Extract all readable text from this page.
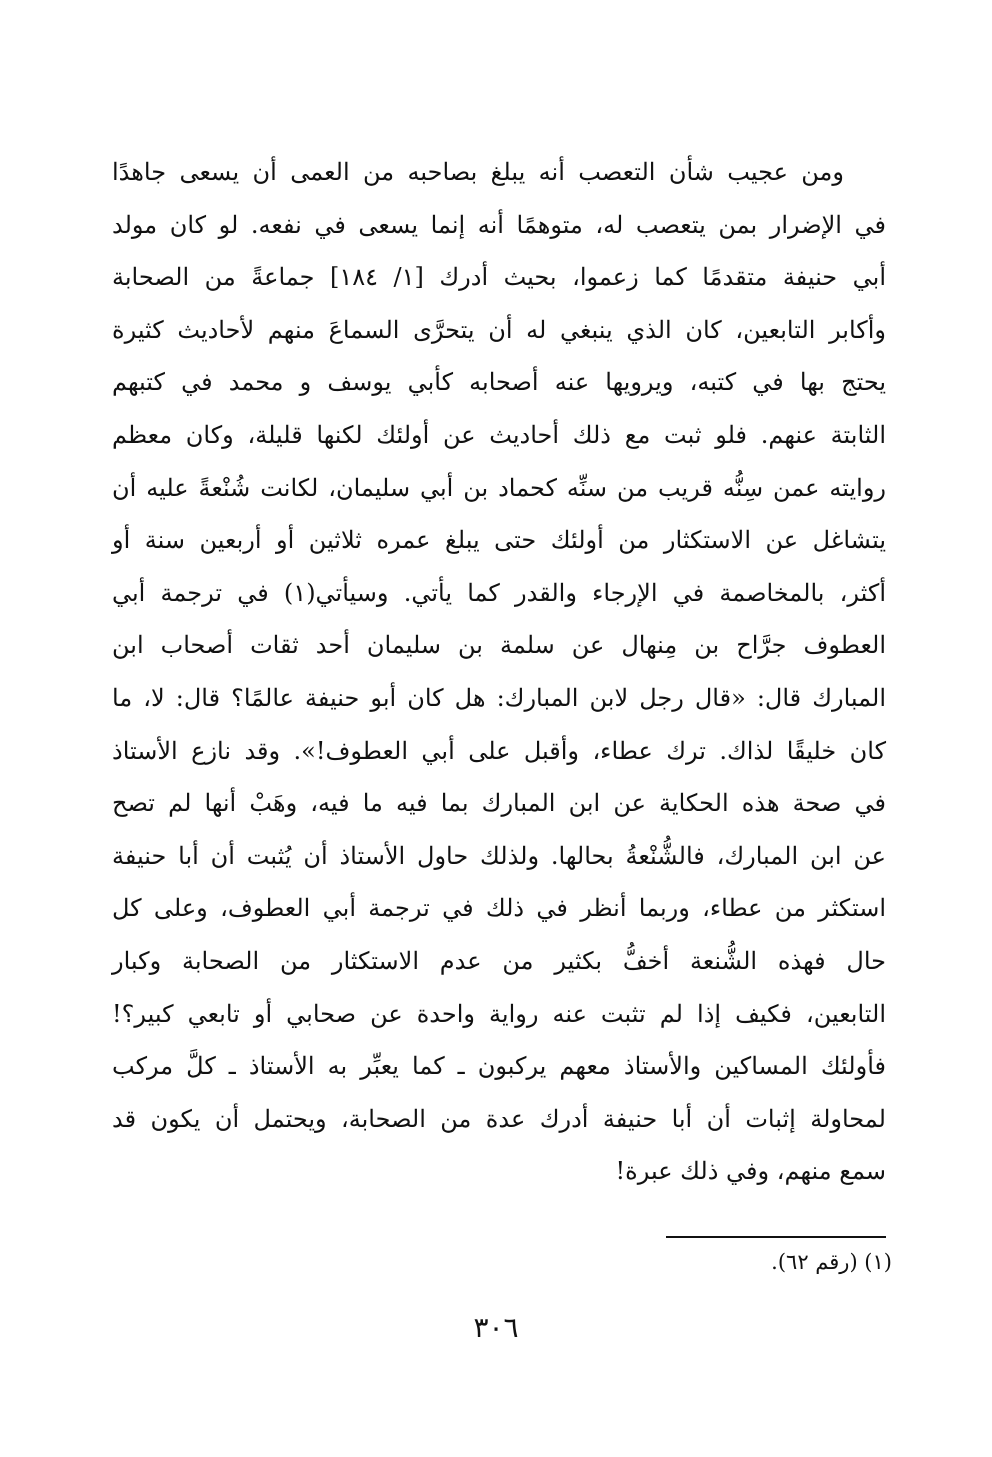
ومن عجيب شأن التعصب أنه يبلغ بصاحبه من العمى أن يسعى جاهدًا
في الإضرار بمن يتعصب له، متوهمًا أنه إنما يسعى في نفعه. لو كان مولد
أبي حنيفة متقدمًا كما زعموا، بحيث أدرك [١/ ١٨٤] جماعةً من الصحابة
وأكابر التابعين، كان الذي ينبغي له أن يتحرَّى السماعَ منهم لأحاديث كثيرة
يحتج بها في كتبه، ويرويها عنه أصحابه كأبي يوسف و محمد في كتبهم
الثابتة عنهم. فلو ثبت مع ذلك أحاديث عن أولئك لكنها قليلة، وكان معظم
روايته عمن سِنُّه قريب من سنِّه كحماد بن أبي سليمان، لكانت شُنْعةً عليه أن
يتشاغل عن الاستكثار من أولئك حتى يبلغ عمره ثلاثين أو أربعين سنة أو
أكثر، بالمخاصمة في الإرجاء والقدر كما يأتي. وسيأتي(١) في ترجمة أبي
العطوف جرَّاح بن مِنهال عن سلمة بن سليمان أحد ثقات أصحاب ابن
المبارك قال: «قال رجل لابن المبارك: هل كان أبو حنيفة عالمًا؟ قال: لا، ما
كان خليقًا لذاك. ترك عطاء، وأقبل على أبي العطوف!». وقد نازع الأستاذ
في صحة هذه الحكاية عن ابن المبارك بما فيه ما فيه، وهَبْ أنها لم تصح
عن ابن المبارك، فالشُّنْعةُ بحالها. ولذلك حاول الأستاذ أن يُثبت أن أبا حنيفة
استكثر من عطاء، وربما أنظر في ذلك في ترجمة أبي العطوف، وعلى كل
حال فهذه الشُّنعة أخفُّ بكثير من عدم الاستكثار من الصحابة وكبار
التابعين، فكيف إذا لم تثبت عنه رواية واحدة عن صحابي أو تابعي كبير؟!
فأولئك المساكين والأستاذ معهم يركبون ـ كما يعبِّر به الأستاذ ـ كلَّ مركب
لمحاولة إثبات أن أبا حنيفة أدرك عدة من الصحابة، ويحتمل أن يكون قد
سمع منهم، وفي ذلك عبرة!
(١) (رقم ٦٢).
٣٠٦
